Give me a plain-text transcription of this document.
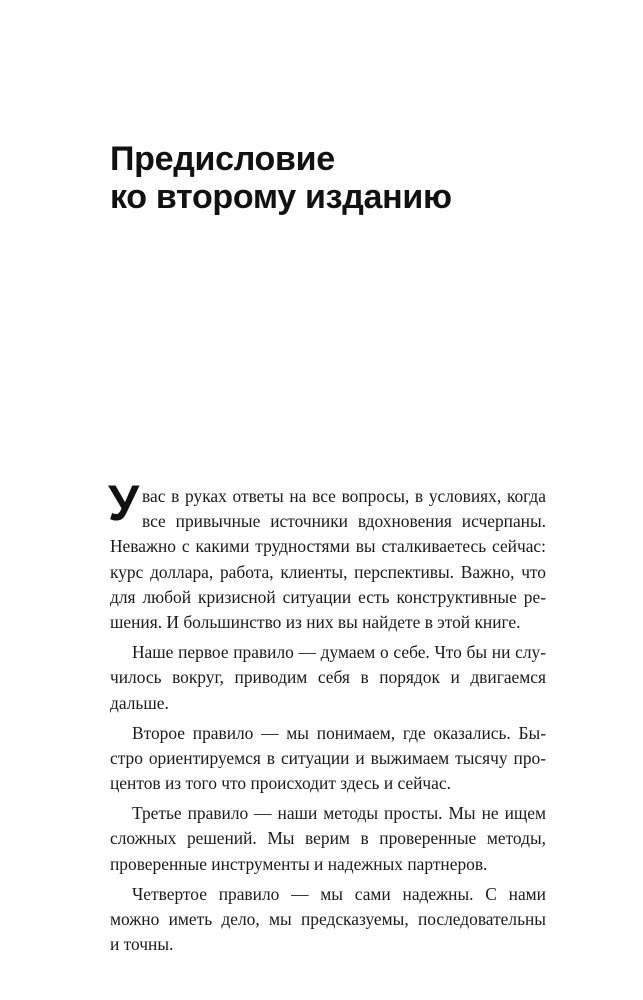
Предисловие
ко второму изданию
У вас в руках ответы на все вопросы, в условиях, когда
все привычные источники вдохновения исчерпаны.
Неважно с какими трудностями вы сталкиваетесь сейчас:
курс доллара, работа, клиенты, перспективы. Важно, что
для любой кризисной ситуации есть конструктивные ре-
шения. И большинство из них вы найдете в этой книге.
Наше первое правило — думаем о себе. Что бы ни слу-
чилось вокруг, приводим себя в порядок и двигаемся
дальше.
Второе правило — мы понимаем, где оказались. Бы-
стро ориентируемся в ситуации и выжимаем тысячу про-
центов из того что происходит здесь и сейчас.
Третье правило — наши методы просты. Мы не ищем
сложных решений. Мы верим в проверенные методы,
проверенные инструменты и надежных партнеров.
Четвертое правило — мы сами надежны. С нами
можно иметь дело, мы предсказуемы, последовательны
и точны.
